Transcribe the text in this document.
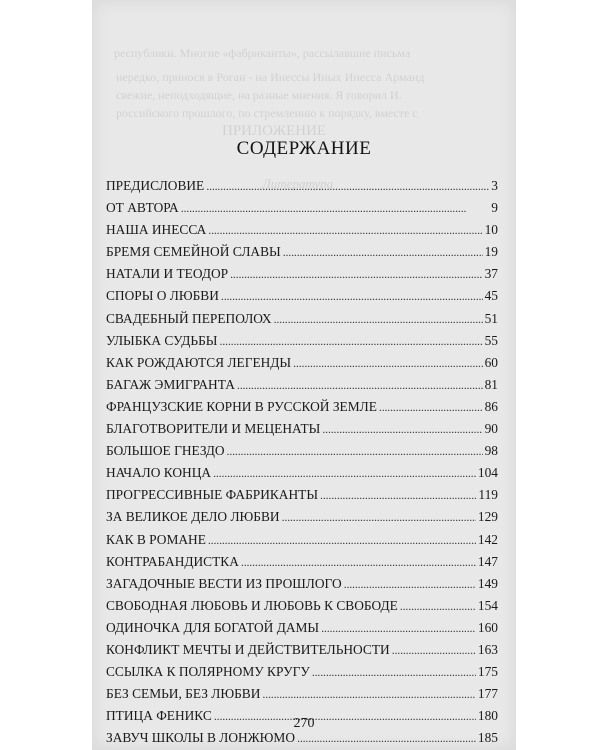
республики. Многие «фабриканты», рассылавшие письма
нередко, принося в Роган - на Инессы Иных Инесса Арманд
свежие, неподходящие, на разные мнения. Я говорил И.
российского прошлого, по стремлению к порядку, вместе с
ПРИЛОЖЕНИЕ
Литература
СОДЕРЖАНИЕ
ПРЕДИСЛОВИЕ . . .	3
ОТ АВТОРА . . .	9
НАША ИНЕССА . . .	10
БРЕМЯ СЕМЕЙНОЙ СЛАВЫ . . .	19
НАТАЛИ И ТЕОДОР . . .	37
СПОРЫ О ЛЮБВИ . . .	45
СВАДЕБНЫЙ ПЕРЕПОЛОХ . . .	51
УЛЫБКА СУДЬБЫ . . .	55
КАК РОЖДАЮТСЯ ЛЕГЕНДЫ . . .	60
БАГАЖ ЭМИГРАНТА . . .	81
ФРАНЦУЗСКИЕ КОРНИ В РУССКОЙ ЗЕМЛЕ . . .	86
БЛАГОТВОРИТЕЛИ И МЕЦЕНАТЫ . . .	90
БОЛЬШОЕ ГНЕЗДО . . .	98
НАЧАЛО КОНЦА . . .	104
ПРОГРЕССИВНЫЕ ФАБРИКАНТЫ . . .	119
ЗА ВЕЛИКОЕ ДЕЛО ЛЮБВИ . . .	129
КАК В РОМАНЕ . . .	142
КОНТРАБАНДИСТКА . . .	147
ЗАГАДОЧНЫЕ ВЕСТИ ИЗ ПРОШЛОГО . . .	149
СВОБОДНАЯ ЛЮБОВЬ И ЛЮБОВЬ К СВОБОДЕ . . .	154
ОДИНОЧКА ДЛЯ БОГАТОЙ ДАМЫ . . .	160
КОНФЛИКТ МЕЧТЫ И ДЕЙСТВИТЕЛЬНОСТИ . . .	163
ССЫЛКА К ПОЛЯРНОМУ КРУГУ . . .	175
БЕЗ СЕМЬИ, БЕЗ ЛЮБВИ . . .	177
ПТИЦА ФЕНИКС . . .	180
ЗАВУЧ ШКОЛЫ В ЛОНЖЮМО . . .	185
270
